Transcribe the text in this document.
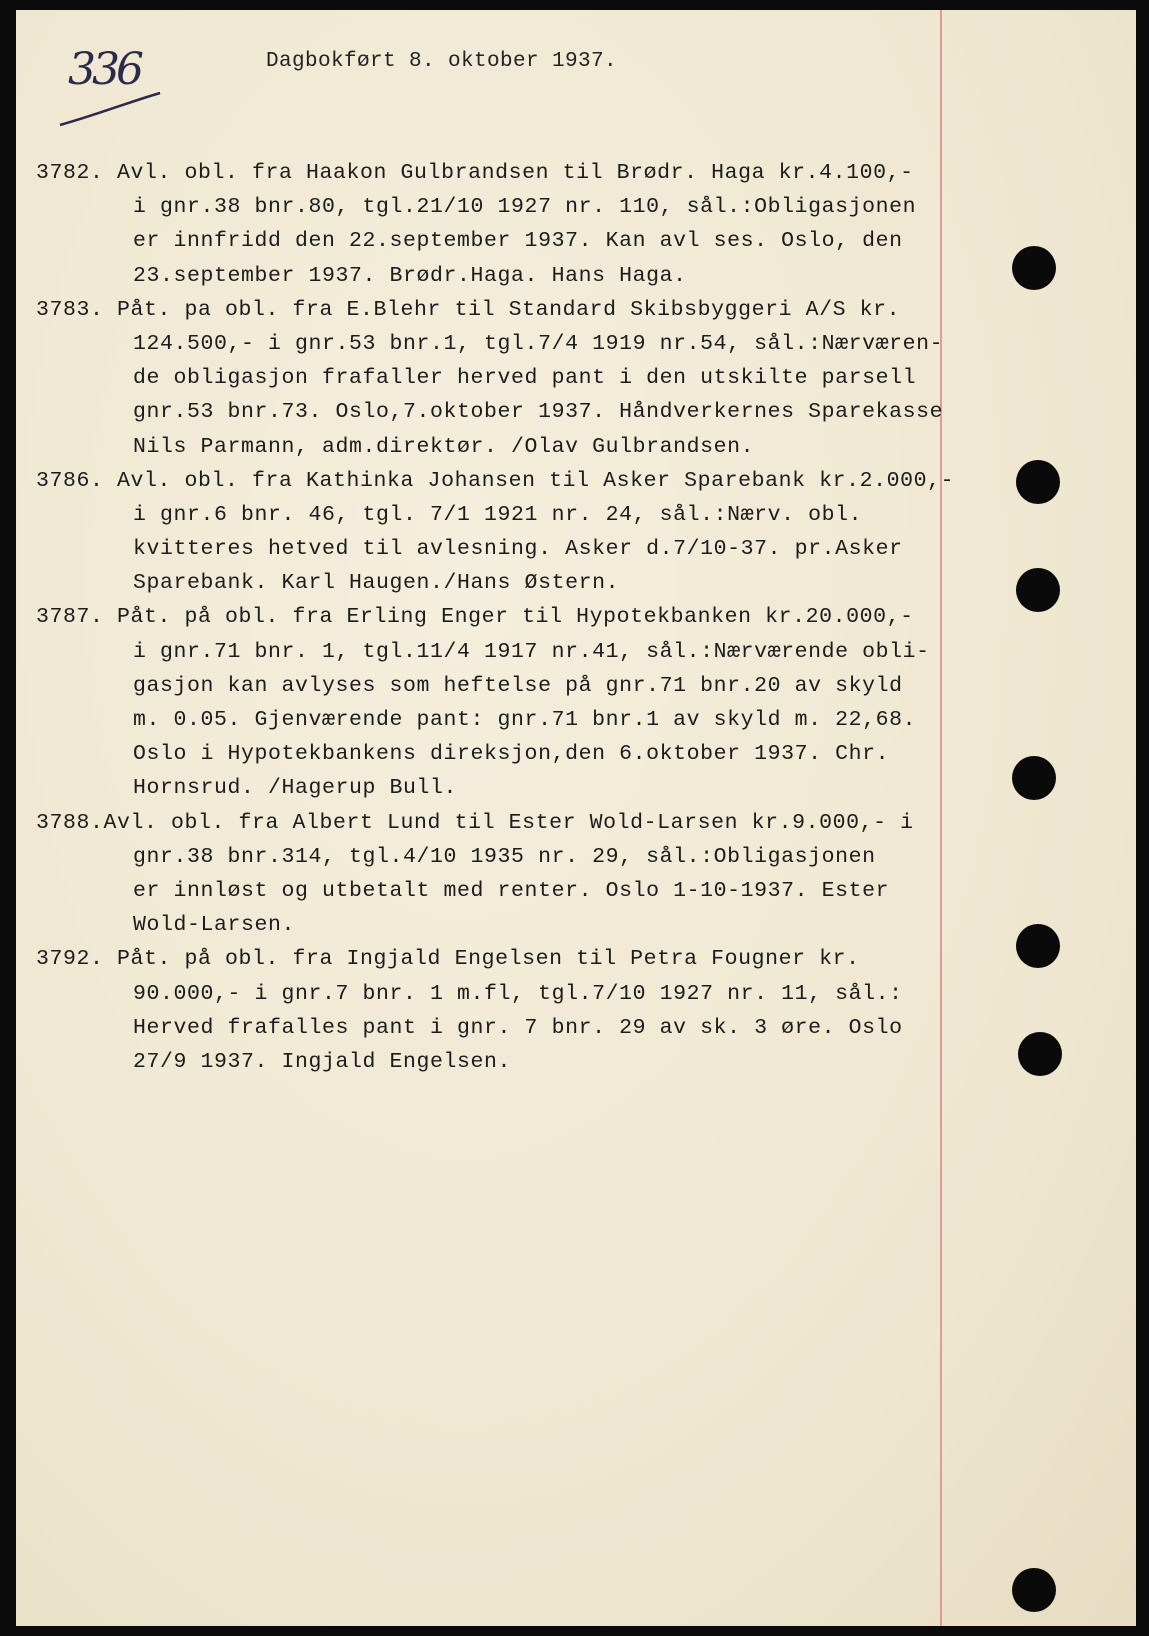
336	Dagbokført 8. oktober 1937.
3782. Avl. obl. fra Haakon Gulbrandsen til Brødr. Haga kr.4.100,-
i gnr.38 bnr.80, tgl.21/10 1927 nr. 110, sål.:Obligasjonen
er innfridd den 22.september 1937. Kan avl ses. Oslo, den
23.september 1937. Brødr.Haga. Hans Haga.
3783. Påt. pa obl. fra E.Blehr til Standard Skibsbyggeri A/S kr.
124.500,- i gnr.53 bnr.1, tgl.7/4 1919 nr.54, sål.:Nærværen-
de obligasjon frafaller herved pant i den utskilte parsell
gnr.53 bnr.73. Oslo,7.oktober 1937. Håndverkernes Sparekasse
Nils Parmann, adm.direktør. /Olav Gulbrandsen.
3786. Avl. obl. fra Kathinka Johansen til Asker Sparebank kr.2.000,-
i gnr.6 bnr. 46, tgl. 7/1 1921 nr. 24, sål.:Nærv. obl.
kvitteres hetved til avlesning. Asker d.7/10-37. pr.Asker
Sparebank. Karl Haugen./Hans Østern.
3787. Påt. på obl. fra Erling Enger til Hypotekbanken kr.20.000,-
i gnr.71 bnr. 1, tgl.11/4 1917 nr.41, sål.:Nærværende obli-
gasjon kan avlyses som heftelse på gnr.71 bnr.20 av skyld
m. 0.05. Gjenværende pant: gnr.71 bnr.1 av skyld m. 22,68.
Oslo i Hypotekbankens direksjon,den 6.oktober 1937. Chr.
Hornsrud. /Hagerup Bull.
3788.Avl. obl. fra Albert Lund til Ester Wold-Larsen kr.9.000,- i
gnr.38 bnr.314, tgl.4/10 1935 nr. 29, sål.:Obligasjonen
er innløst og utbetalt med renter. Oslo 1-10-1937. Ester
Wold-Larsen.
3792. Påt. på obl. fra Ingjald Engelsen til Petra Fougner kr.
90.000,- i gnr.7 bnr. 1 m.fl, tgl.7/10 1927 nr. 11, sål.:
Herved frafalles pant i gnr. 7 bnr. 29 av sk. 3 øre. Oslo
27/9 1937. Ingjald Engelsen.
